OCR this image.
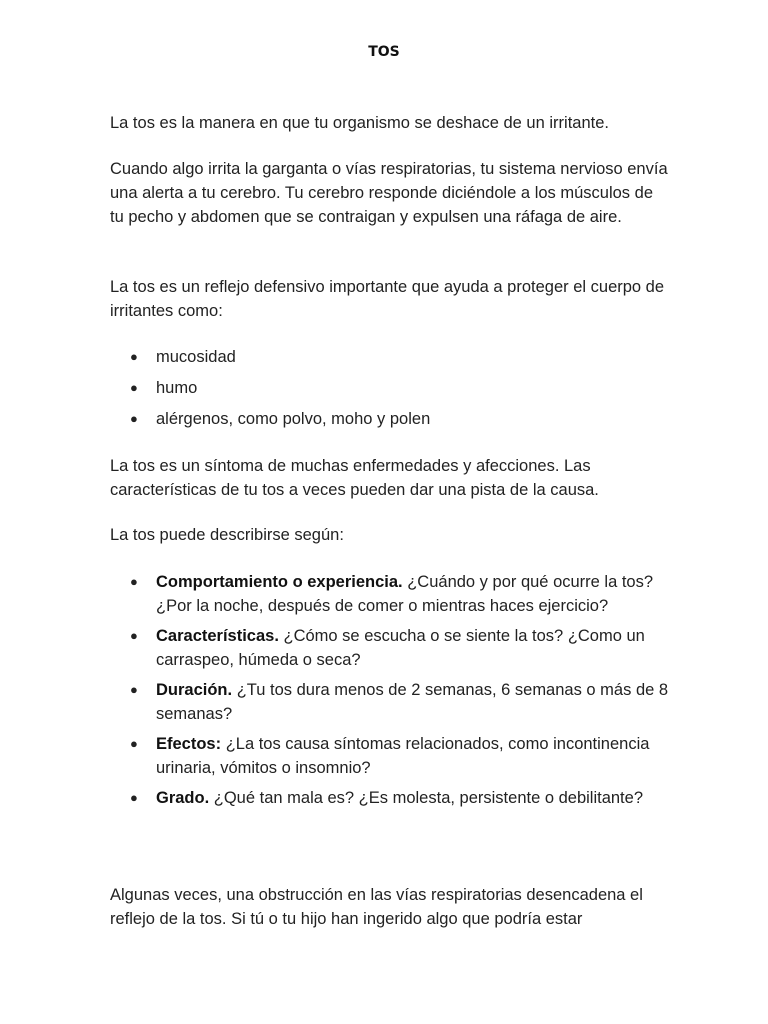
TOS

La tos es la manera en que tu organismo se deshace de un irritante.

Cuando algo irrita la garganta o vías respiratorias, tu sistema nervioso envía una alerta a tu cerebro. Tu cerebro responde diciéndole a los músculos de tu pecho y abdomen que se contraigan y expulsen una ráfaga de aire.

La tos es un reflejo defensivo importante que ayuda a proteger el cuerpo de irritantes como:

● mucosidad
● humo
● alérgenos, como polvo, moho y polen

La tos es un síntoma de muchas enfermedades y afecciones. Las características de tu tos a veces pueden dar una pista de la causa.

La tos puede describirse según:

● Comportamiento o experiencia. ¿Cuándo y por qué ocurre la tos? ¿Por la noche, después de comer o mientras haces ejercicio?
● Características. ¿Cómo se escucha o se siente la tos? ¿Como un carraspeo, húmeda o seca?
● Duración. ¿Tu tos dura menos de 2 semanas, 6 semanas o más de 8 semanas?
● Efectos: ¿La tos causa síntomas relacionados, como incontinencia urinaria, vómitos o insomnio?
● Grado. ¿Qué tan mala es? ¿Es molesta, persistente o debilitante?

Algunas veces, una obstrucción en las vías respiratorias desencadena el reflejo de la tos. Si tú o tu hijo han ingerido algo que podría estar
